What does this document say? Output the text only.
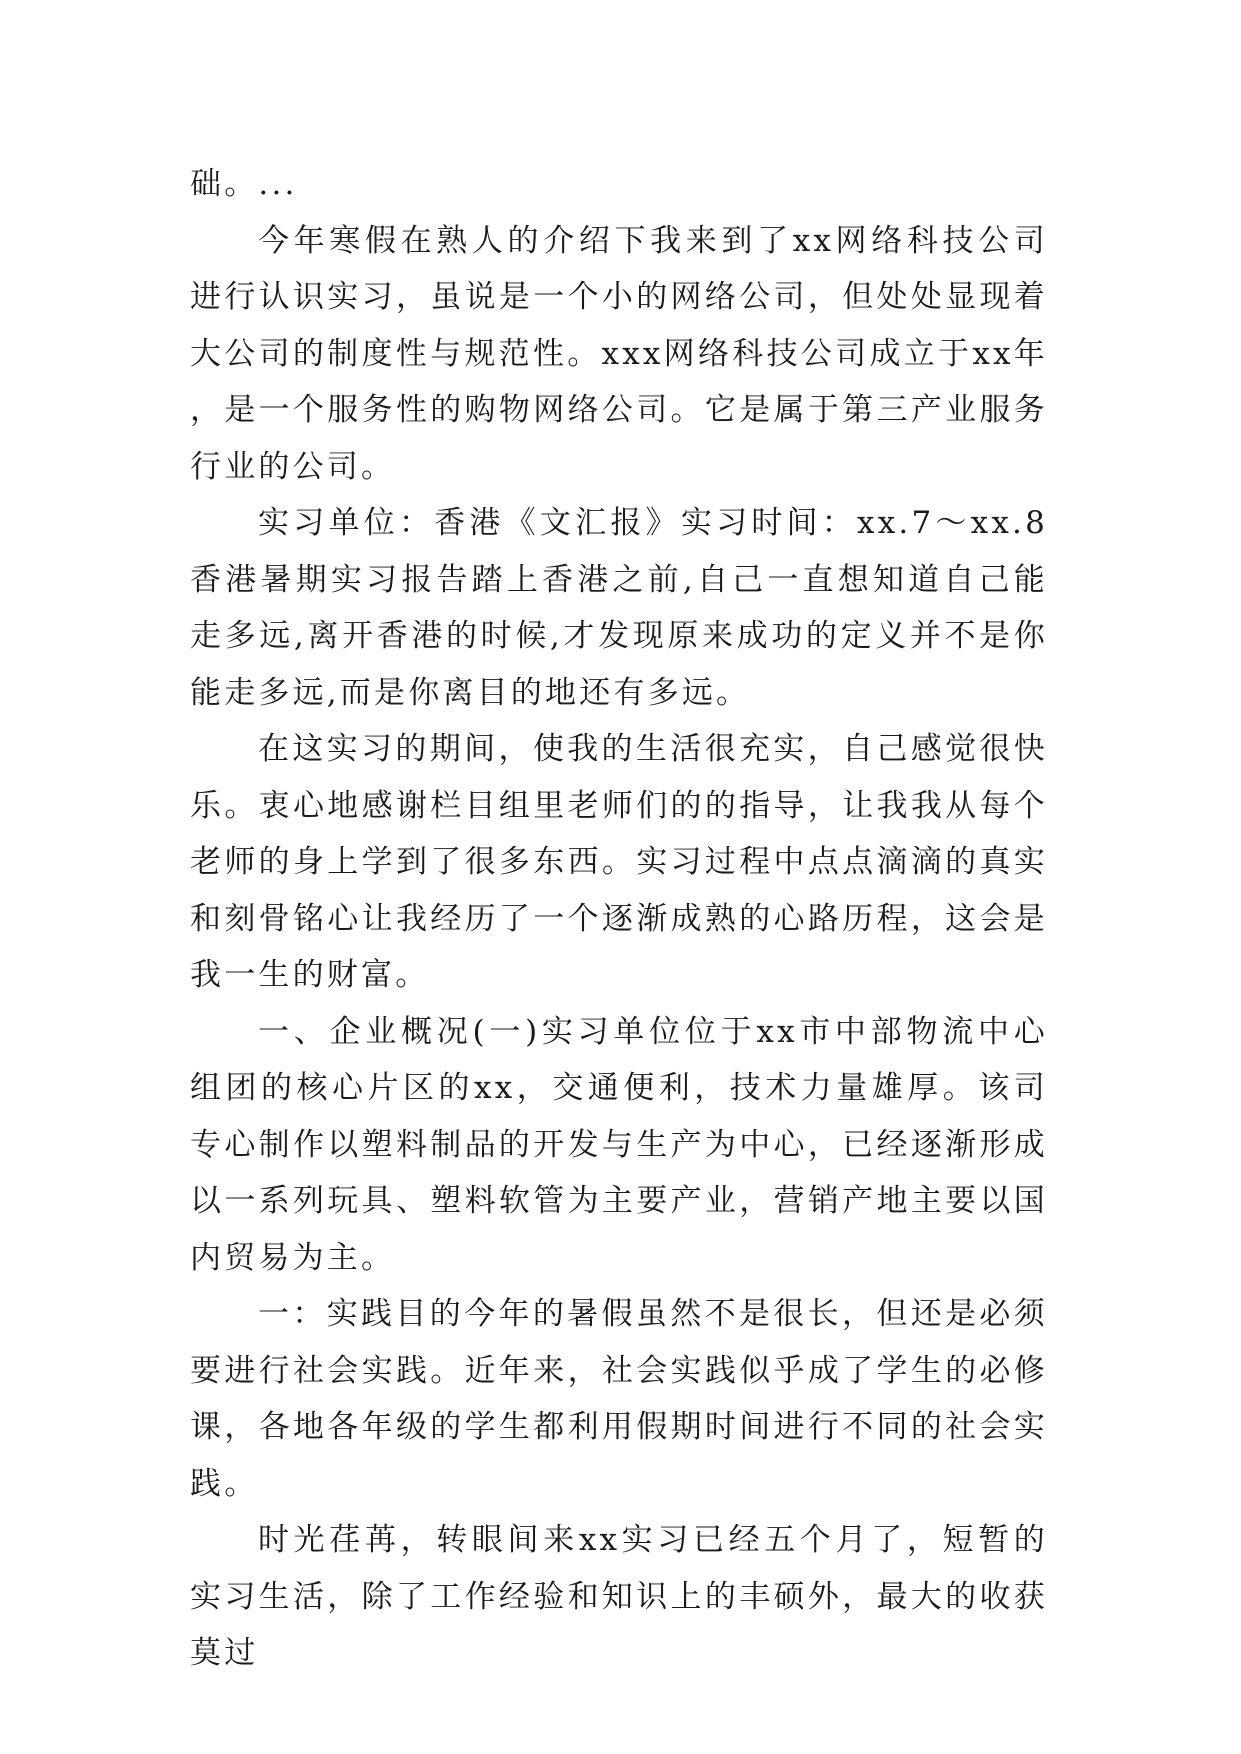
础。...

今年寒假在熟人的介绍下我来到了xx网络科技公司进行认识实习，虽说是一个小的网络公司，但处处显现着大公司的制度性与规范性。xxx网络科技公司成立于xx年，是一个服务性的购物网络公司。它是属于第三产业服务行业的公司。

实习单位：香港《文汇报》实习时间：xx.7～xx.8香港暑期实习报告踏上香港之前,自己一直想知道自己能走多远,离开香港的时候,才发现原来成功的定义并不是你能走多远,而是你离目的地还有多远。

在这实习的期间，使我的生活很充实，自己感觉很快乐。衷心地感谢栏目组里老师们的的指导，让我我从每个老师的身上学到了很多东西。实习过程中点点滴滴的真实和刻骨铭心让我经历了一个逐渐成熟的心路历程，这会是我一生的财富。

一、企业概况(一)实习单位位于xx市中部物流中心组团的核心片区的xx，交通便利，技术力量雄厚。该司专心制作以塑料制品的开发与生产为中心，已经逐渐形成以一系列玩具、塑料软管为主要产业，营销产地主要以国内贸易为主。

一：实践目的今年的暑假虽然不是很长，但还是必须要进行社会实践。近年来，社会实践似乎成了学生的必修课，各地各年级的学生都利用假期时间进行不同的社会实践。

时光荏苒，转眼间来xx实习已经五个月了，短暂的实习生活，除了工作经验和知识上的丰硕外，最大的收获莫过
